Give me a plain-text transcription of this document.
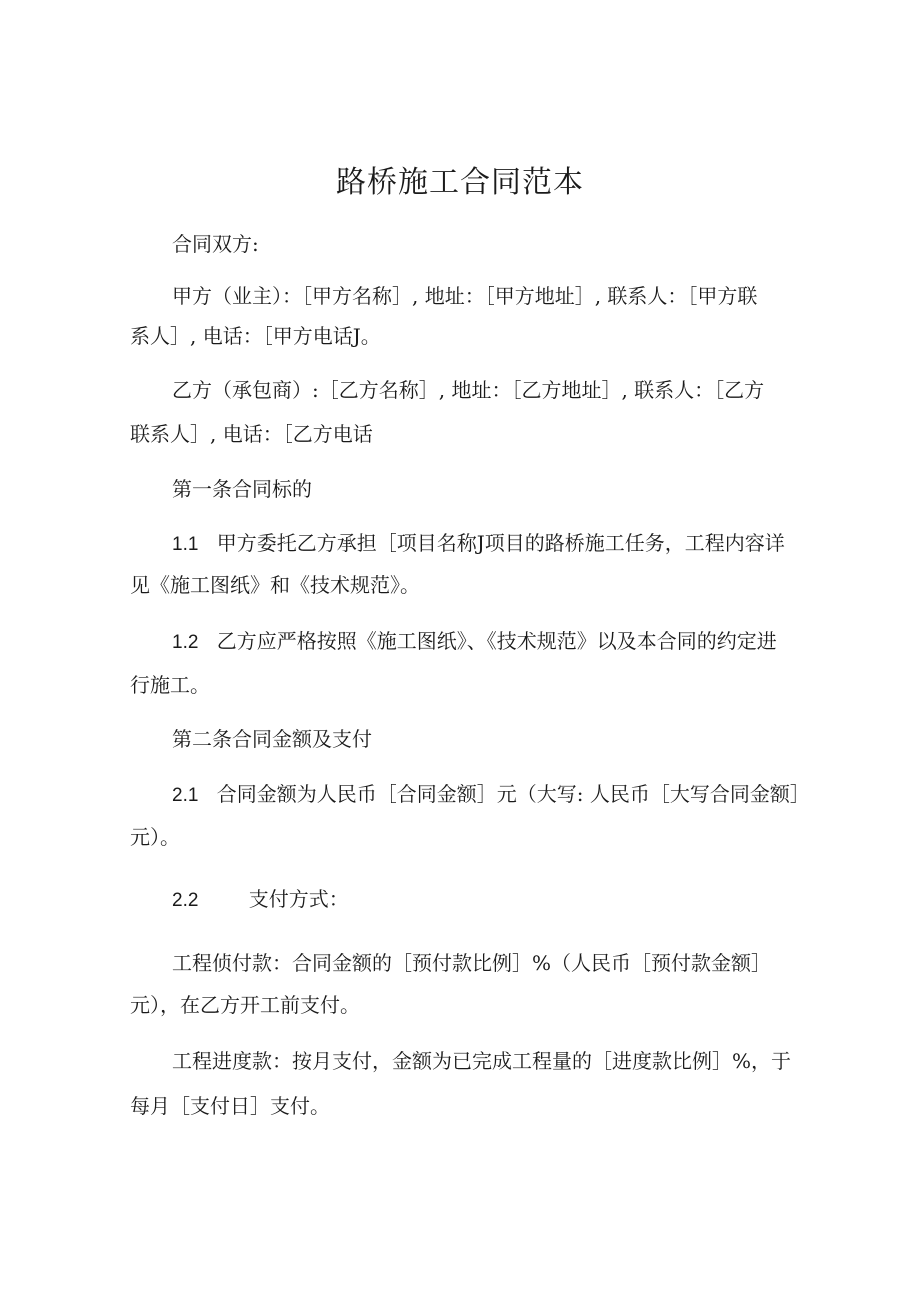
路桥施工合同范本
合同双方:
甲方（业主）：［甲方名称］, 地址：［甲方地址］, 联系人：［甲方联
系人］, 电话：［甲方电话J。
乙方（承包商）:［乙方名称］, 地址：［乙方地址］, 联系人：［乙方
联系人］, 电话：［乙方电话
第一条合同标的
1.1 甲方委托乙方承担［项目名称J项目的路桥施工任务，工程内容详
见《施工图纸》和《技术规范》。
1.2 乙方应严格按照《施工图纸》、《技术规范》以及本合同的约定进
行施工。
第二条合同金额及支付
2.1 合同金额为人民币［合同金额］元（大写: 人民币［大写合同金额］
元）。
2.2	支付方式：
工程侦付款：合同金额的［预付款比例］%（人民币［预付款金额］
元），在乙方开工前支付。
工程进度款：按月支付，金额为已完成工程量的［进度款比例］%，于
每月［支付日］支付。
